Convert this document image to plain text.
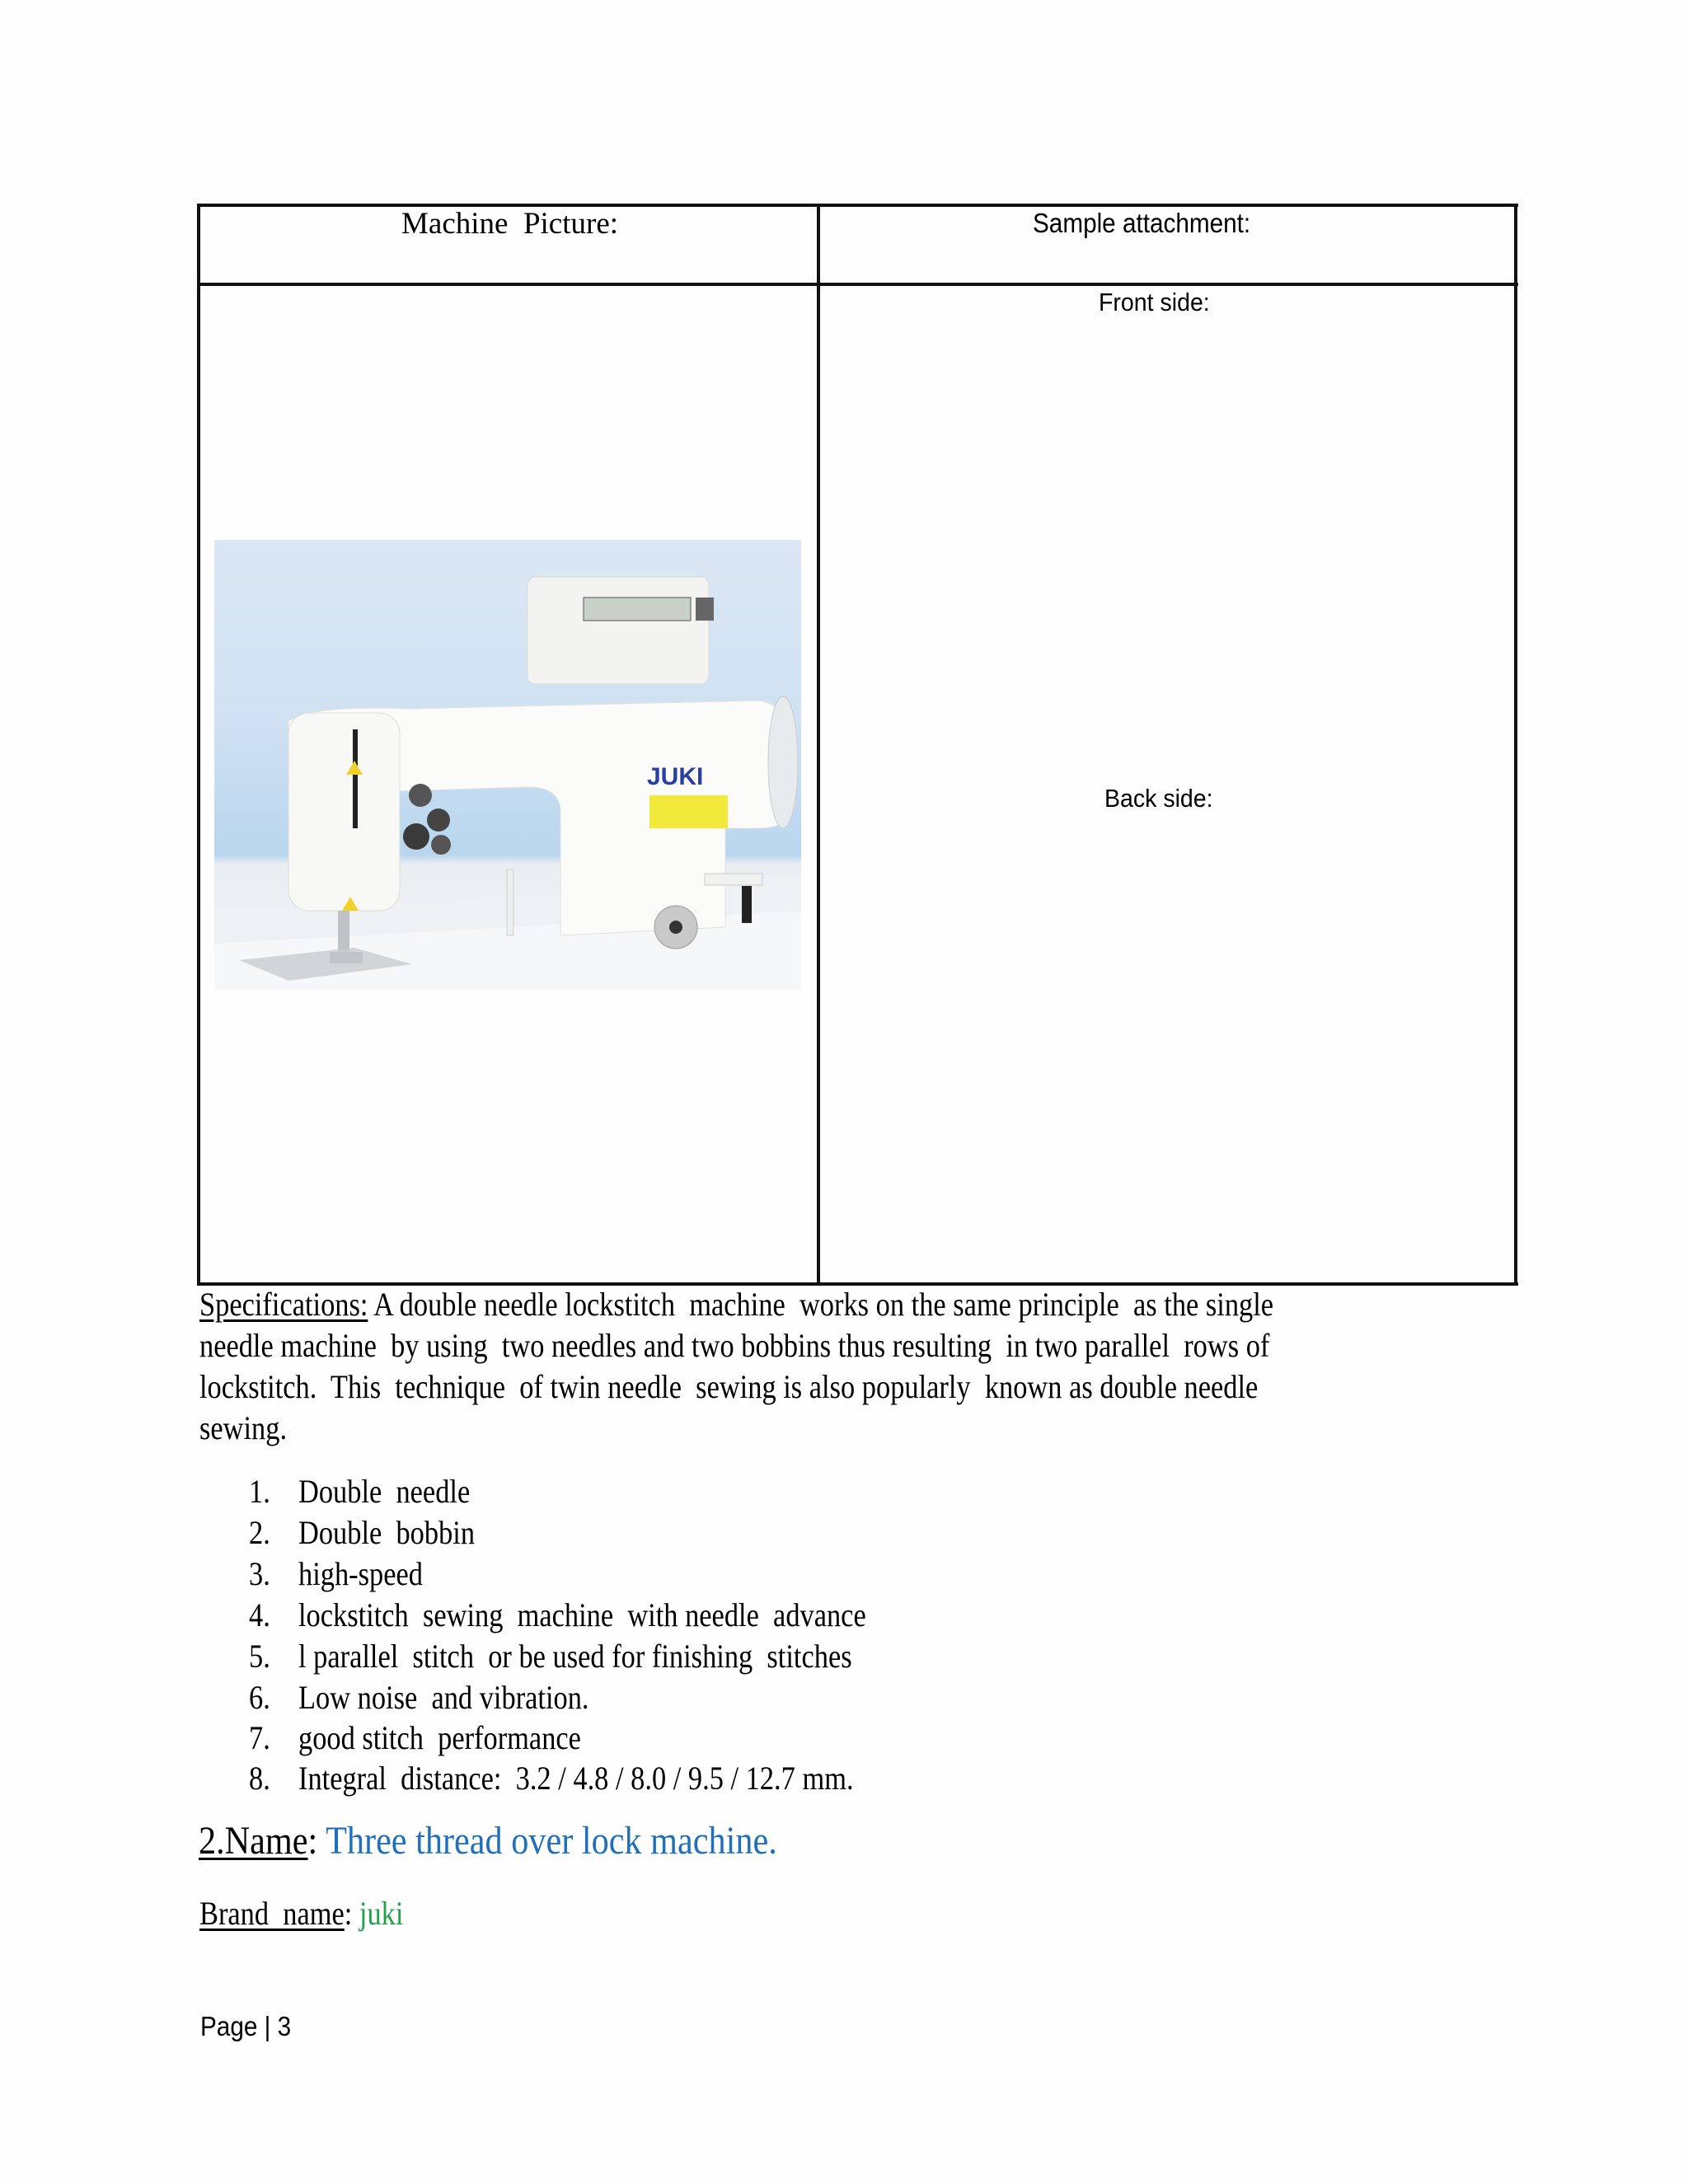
Machine  Picture:	Sample attachment:
Front side:
Back side:
JUKI
Specifications: A double needle lockstitch  machine  works on the same principle  as the single
needle machine  by using  two needles and two bobbins thus resulting  in two parallel  rows of
lockstitch.  This  technique  of twin needle  sewing is also popularly  known as double needle
sewing.
1. Double  needle
2. Double  bobbin
3. high-speed
4. lockstitch  sewing  machine  with needle  advance
5. l parallel  stitch  or be used for finishing  stitches
6. Low noise  and vibration.
7. good stitch  performance
8. Integral  distance:  3.2 / 4.8 / 8.0 / 9.5 / 12.7 mm.
2.Name: Three thread over lock machine.
Brand  name: juki
Page | 3
